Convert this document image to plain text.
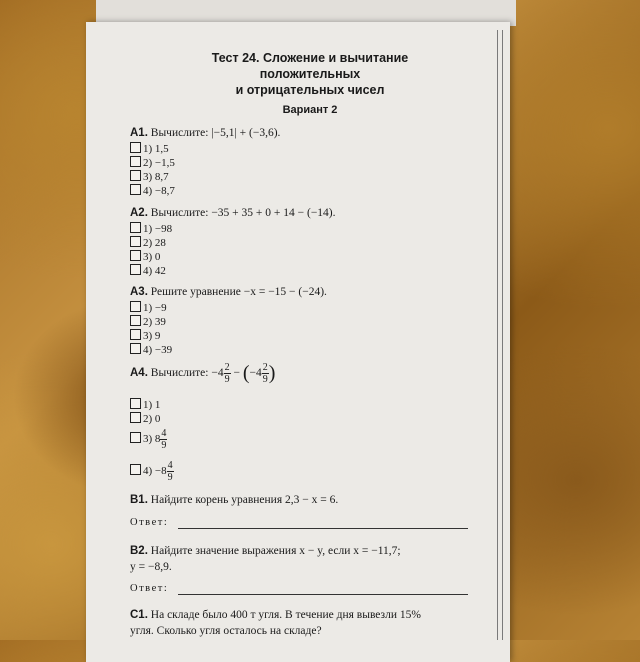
Тест 24. Сложение и вычитание
положительных
и отрицательных чисел
Вариант 2
А1. Вычислите: |−5,1| + (−3,6).
1) 1,5
2) −1,5
3) 8,7
4) −8,7
А2. Вычислите: −35 + 35 + 0 + 14 − (−14).
1) −98
2) 28
3) 0
4) 42
А3. Решите уравнение −x = −15 − (−24).
1) −9
2) 39
3) 9
4) −39
А4. Вычислите: $-4 \frac{2}{9} - (-4 \frac{2}{9}$ )
1) 1
2) 0
3) $8 \frac{4}{9}$
$4) -8 \frac{4}{9}$
В1. Найдите корень уравнения 2,3 − x = 6.
Ответ:
В2. Найдите значение выражения x − y, если x = −11,7;
y = −8,9.
Ответ:
С1. На складе было 400 т угля. В течение дня вывезли 15%
угля. Сколько угля осталось на складе?
